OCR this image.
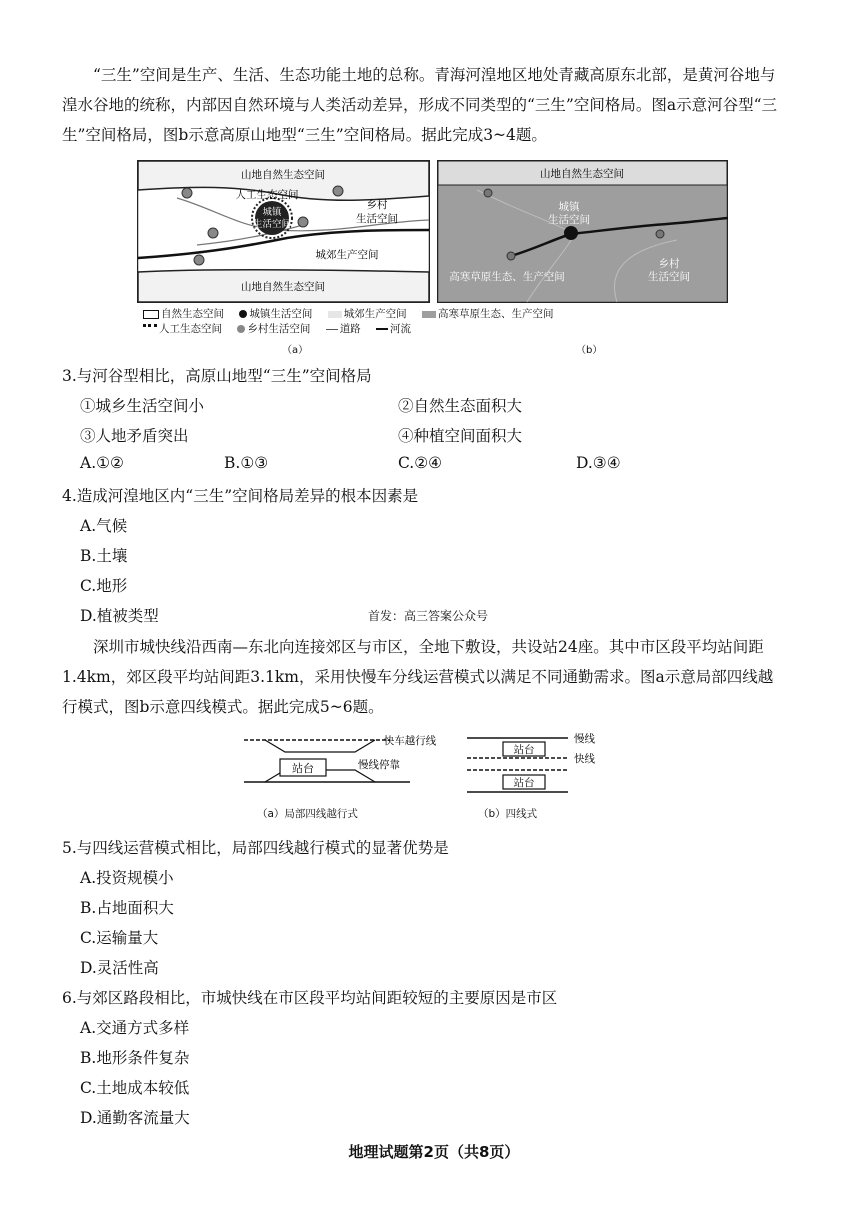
“三生”空间是生产、生活、生态功能土地的总称。青海河湟地区地处青藏高原东北部，是黄河谷地与湟水谷地的统称，内部因自然环境与人类活动差异，形成不同类型的“三生”空间格局。图a示意河谷型“三生”空间格局，图b示意高原山地型“三生”空间格局。据此完成3~4题。

城镇
生活空间
山地自然生态空间
人工生态空间
乡村
生活空间
城郊生产空间
山地自然生态空间
山地自然生态空间
城镇
生活空间
高寒草原生态、生产空间
乡村
生活空间
自然生态空间 城镇生活空间	城郊生产空间	高寒草原生态、生产空间
人工生态空间 乡村生活空间	道路	河流
（a）	（b）
3.与河谷型相比，高原山地型“三生”空间格局
①城乡生活空间小	②自然生态面积大
③人地矛盾突出	④种植空间面积大
A.①②	B.①③	C.②④	D.③④
4.造成河湟地区内“三生”空间格局差异的根本因素是
A.气候
B.土壤
C.地形
D.植被类型	首发：高三答案公众号

深圳市城快线沿西南—东北向连接郊区与市区，全地下敷设，共设站24座。其中市区段平均站间距1.4km，郊区段平均站间距3.1km，采用快慢车分线运营模式以满足不同通勤需求。图a示意局部四线越行模式，图b示意四线模式。据此完成5~6题。

站台
快车越行线
慢线停靠
站台
站台
慢线
快线
（a）局部四线越行式	（b）四线式
5.与四线运营模式相比，局部四线越行模式的显著优势是
A.投资规模小
B.占地面积大
C.运输量大
D.灵活性高
6.与郊区路段相比，市城快线在市区段平均站间距较短的主要原因是市区
A.交通方式多样
B.地形条件复杂
C.土地成本较低
D.通勤客流量大
地理试题第2页（共8页）
